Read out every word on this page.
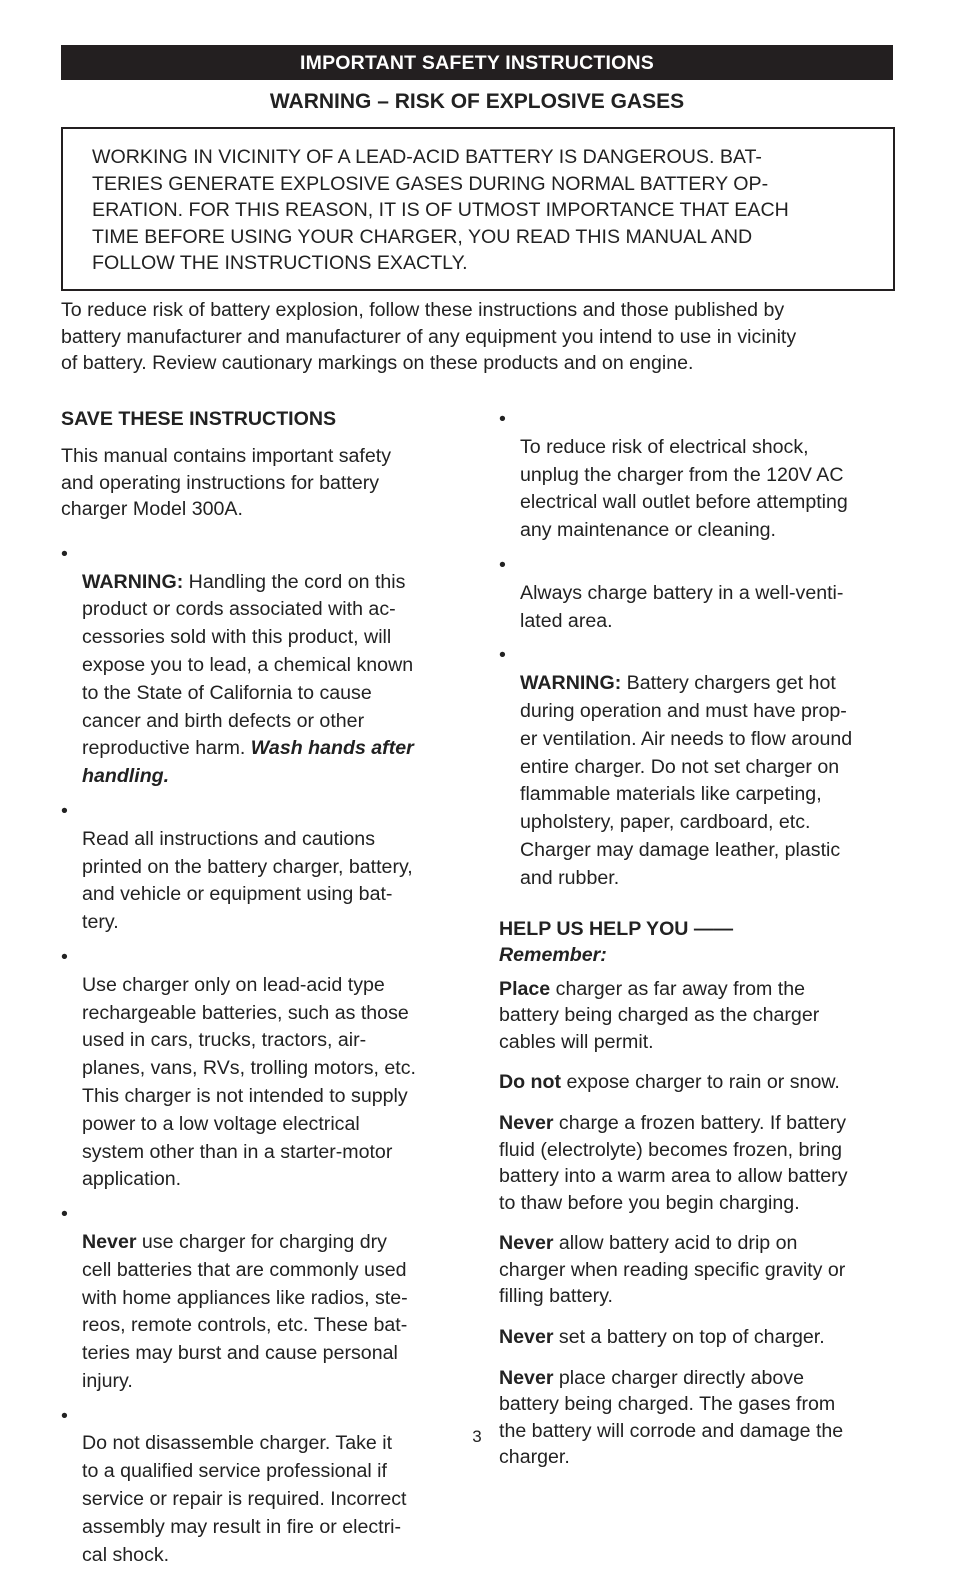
IMPORTANT SAFETY INSTRUCTIONS
WARNING – RISK OF EXPLOSIVE GASES
WORKING IN VICINITY OF A LEAD-ACID BATTERY IS DANGEROUS. BAT-
TERIES GENERATE EXPLOSIVE GASES DURING NORMAL BATTERY OP-
ERATION. FOR THIS REASON, IT IS OF UTMOST IMPORTANCE THAT EACH
TIME BEFORE USING YOUR CHARGER, YOU READ THIS MANUAL AND
FOLLOW THE INSTRUCTIONS EXACTLY.
To reduce risk of battery explosion, follow these instructions and those published by
battery manufacturer and manufacturer of any equipment you intend to use in vicinity
of battery. Review cautionary markings on these products and on engine.
SAVE THESE INSTRUCTIONS
This manual contains important safety
and operating instructions for battery
charger Model 300A.

•
WARNING: Handling the cord on this
product or cords associated with ac-
cessories sold with this product, will
expose you to lead, a chemical known
to the State of California to cause
cancer and birth defects or other
reproductive harm. Wash hands after
handling.

•
Read all instructions and cautions
printed on the battery charger, battery,
and vehicle or equipment using bat-
tery.

•
Use charger only on lead-acid type
rechargeable batteries, such as those
used in cars, trucks, tractors, air-
planes, vans, RVs, trolling motors, etc.
This charger is not intended to supply
power to a low voltage electrical
system other than in a starter-motor
application.

•
Never use charger for charging dry
cell batteries that are commonly used
with home appliances like radios, ste-
reos, remote controls, etc. These bat-
teries may burst and cause personal
injury.

•
Do not disassemble charger. Take it
to a qualified service professional if
service or repair is required. Incorrect
assembly may result in fire or electri-
cal shock.

•
To reduce risk of electrical shock,
unplug the charger from the 120V AC
electrical wall outlet before attempting
any maintenance or cleaning.

•
Always charge battery in a well-venti-
lated area.

•
WARNING: Battery chargers get hot
during operation and must have prop-
er ventilation. Air needs to flow around
entire charger. Do not set charger on
flammable materials like carpeting,
upholstery, paper, cardboard, etc.
Charger may damage leather, plastic
and rubber.

HELP US HELP YOU ——
Remember:
Place charger as far away from the
battery being charged as the charger
cables will permit.
Do not expose charger to rain or snow.
Never charge a frozen battery. If battery
fluid (electrolyte) becomes frozen, bring
battery into a warm area to allow battery
to thaw before you begin charging.
Never allow battery acid to drip on
charger when reading specific gravity or
filling battery.
Never set a battery on top of charger.
Never place charger directly above
battery being charged. The gases from
the battery will corrode and damage the
charger.
3
